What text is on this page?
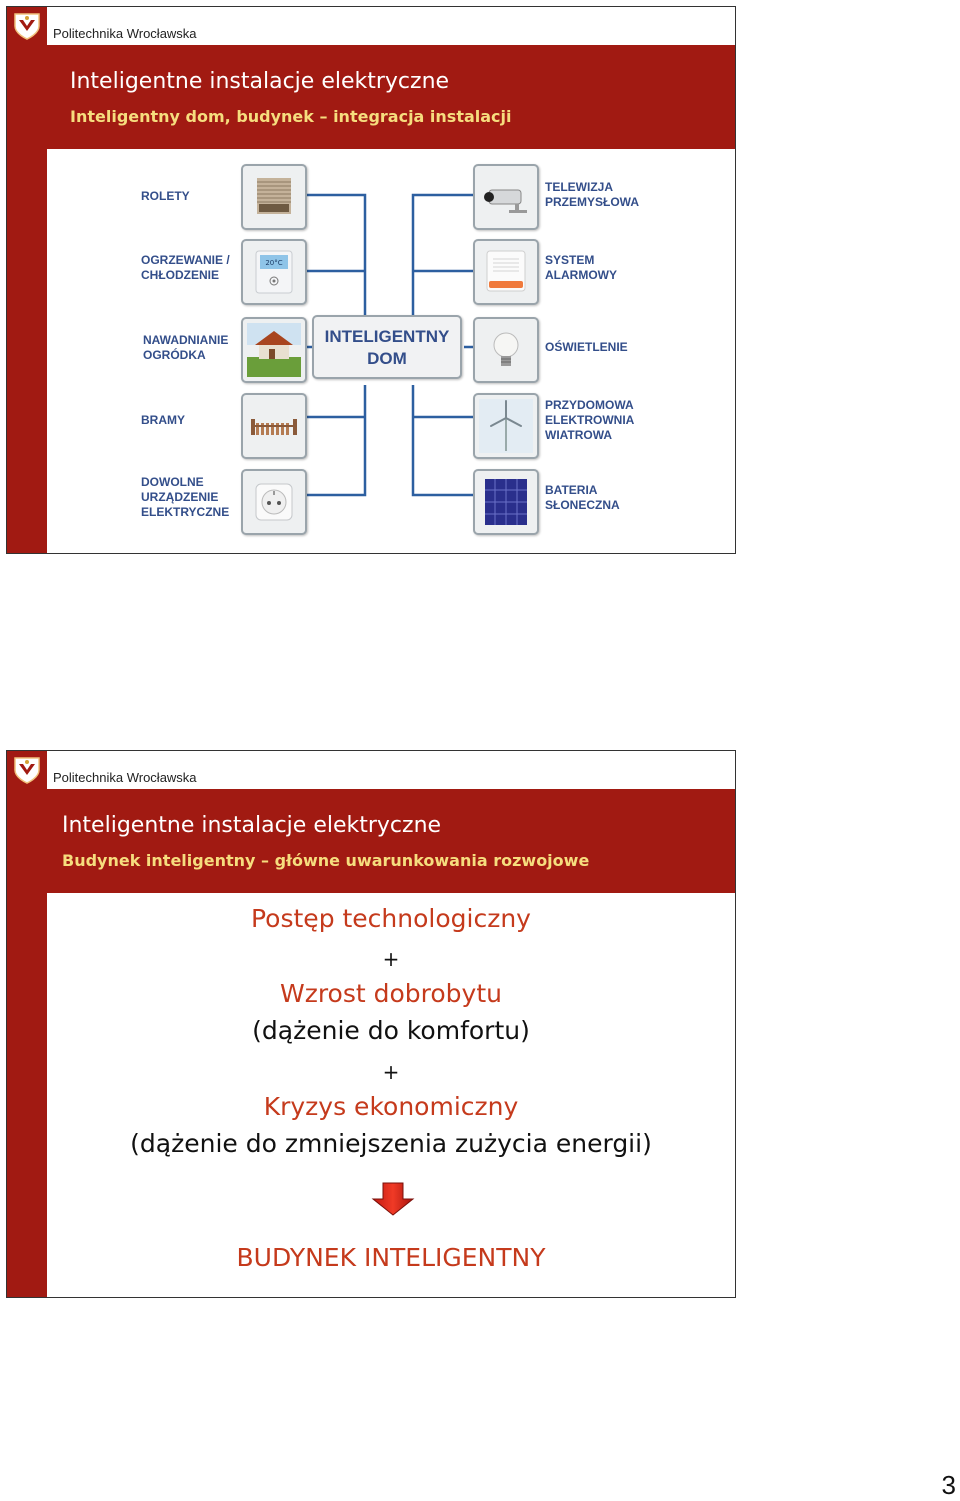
Politechnika Wrocławska
Inteligentne instalacje elektryczne
Inteligentny dom, budynek – integracja instalacji
ROLETY
OGRZEWANIE /
CHŁODZENIE
NAWADNIANIE
OGRÓDKA
BRAMY
DOWOLNE
URZĄDZENIE
ELEKTRYCZNE
20°C
INTELIGENTNY
DOM
TELEWIZJA
PRZEMYSŁOWA
SYSTEM
ALARMOWY
OŚWIETLENIE
PRZYDOMOWA
ELEKTROWNIA
WIATROWA
BATERIA
SŁONECZNA
Politechnika Wrocławska
Inteligentne instalacje elektryczne
Budynek inteligentny – główne uwarunkowania rozwojowe
Postęp technologiczny
+
Wzrost dobrobytu
(dążenie do komfortu)
+
Kryzys ekonomiczny
(dążenie do zmniejszenia zużycia energii)
BUDYNEK INTELIGENTNY
3
